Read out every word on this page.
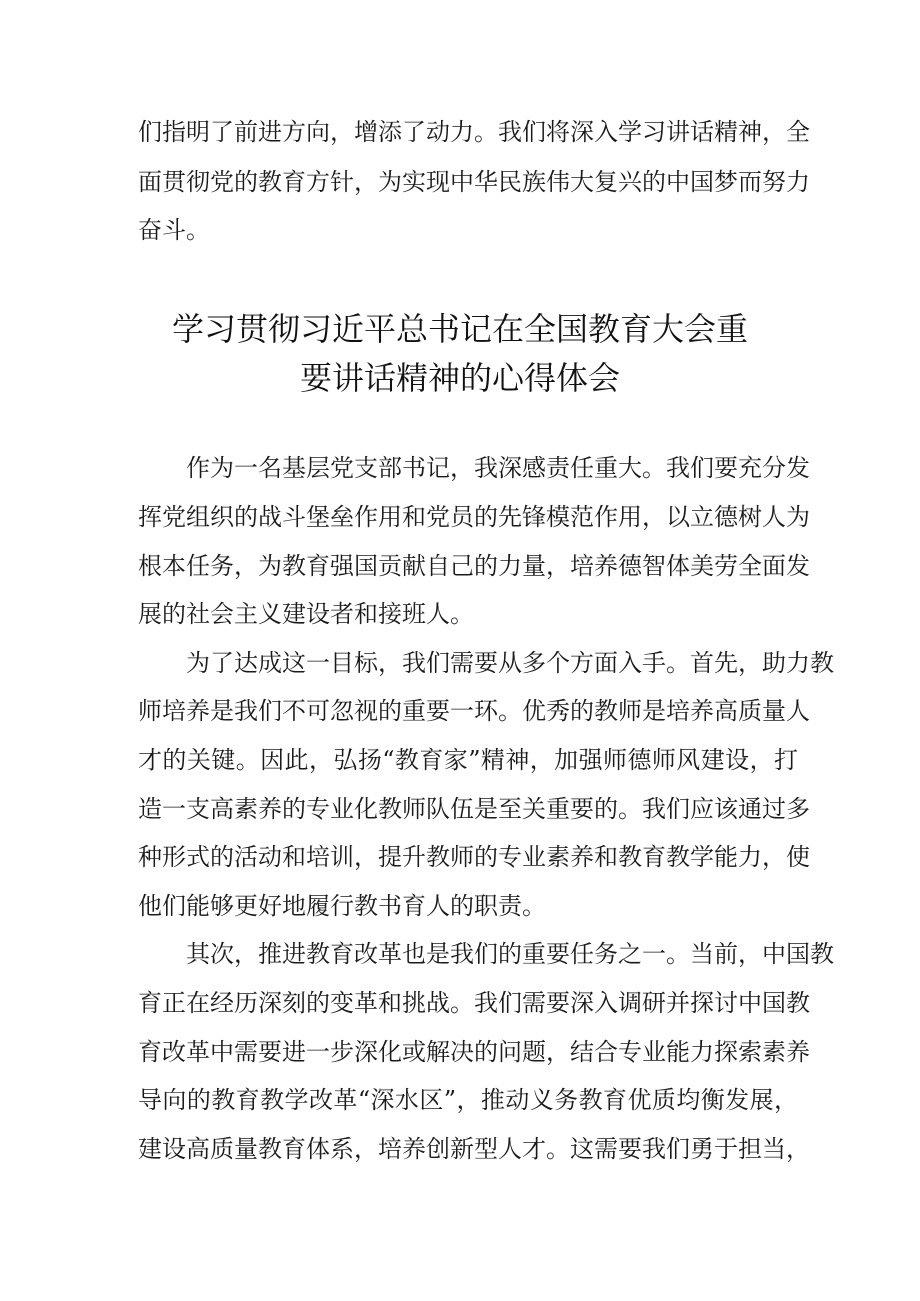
们指明了前进方向，增添了动力。我们将深入学习讲话精神，全
面贯彻党的教育方针，为实现中华民族伟大复兴的中国梦而努力
奋斗。
学习贯彻习近平总书记在全国教育大会重
要讲话精神的心得体会
作为一名基层党支部书记，我深感责任重大。我们要充分发
挥党组织的战斗堡垒作用和党员的先锋模范作用，以立德树人为
根本任务，为教育强国贡献自己的力量，培养德智体美劳全面发
展的社会主义建设者和接班人。
为了达成这一目标，我们需要从多个方面入手。首先，助力教
师培养是我们不可忽视的重要一环。优秀的教师是培养高质量人
才的关键。因此，弘扬“教育家”精神，加强师德师风建设，打
造一支高素养的专业化教师队伍是至关重要的。我们应该通过多
种形式的活动和培训，提升教师的专业素养和教育教学能力，使
他们能够更好地履行教书育人的职责。
其次，推进教育改革也是我们的重要任务之一。当前，中国教
育正在经历深刻的变革和挑战。我们需要深入调研并探讨中国教
育改革中需要进一步深化或解决的问题，结合专业能力探索素养
导向的教育教学改革“深水区”，推动义务教育优质均衡发展，
建设高质量教育体系，培养创新型人才。这需要我们勇于担当，
